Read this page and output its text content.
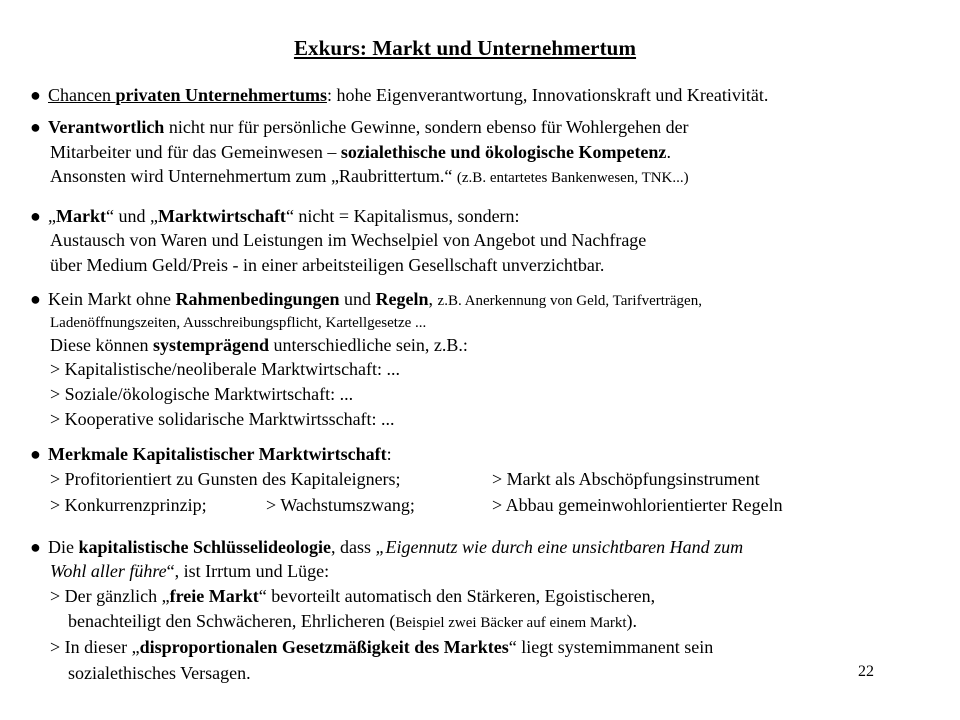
Exkurs: Markt und Unternehmertum
● Chancen privaten Unternehmertums: hohe Eigenverantwortung, Innovationskraft und Kreativität.
● Verantwortlich nicht nur für persönliche Gewinne, sondern ebenso für Wohlergehen der
Mitarbeiter und für das Gemeinwesen – sozialethische und ökologische Kompetenz.
Ansonsten wird Unternehmertum zum „Raubrittertum.“ (z.B. entartetes Bankenwesen, TNK...)
● „Markt“ und „Marktwirtschaft“ nicht = Kapitalismus, sondern:
Austausch von Waren und Leistungen im Wechselpiel von Angebot und Nachfrage
über Medium Geld/Preis - in einer arbeitsteiligen Gesellschaft unverzichtbar.
● Kein Markt ohne Rahmenbedingungen und Regeln, z.B. Anerkennung von Geld, Tarifverträgen,
Ladenöffnungszeiten, Ausschreibungspflicht, Kartellgesetze ...
Diese können systemprägend unterschiedliche sein, z.B.:
> Kapitalistische/neoliberale Marktwirtschaft: ...
> Soziale/ökologische Marktwirtschaft: ...
> Kooperative solidarische Marktwirtsschaft: ...
● Merkmale Kapitalistischer Marktwirtschaft:
> Profitorientiert zu Gunsten des Kapitaleigners;	> Markt als Abschöpfungsinstrument
> Konkurrenzprinzip;	> Wachstumszwang;	> Abbau gemeinwohlorientierter Regeln
● Die kapitalistische Schlüsselideologie, dass „Eigennutz wie durch eine unsichtbaren Hand zum
Wohl aller führe“, ist Irrtum und Lüge:
> Der gänzlich „freie Markt“ bevorteilt automatisch den Stärkeren, Egoistischeren,
benachteiligt den Schwächeren, Ehrlicheren (Beispiel zwei Bäcker auf einem Markt).
> In dieser „disproportionalen Gesetzmäßigkeit des Marktes“ liegt systemimmanent sein
sozialethisches Versagen.	22
